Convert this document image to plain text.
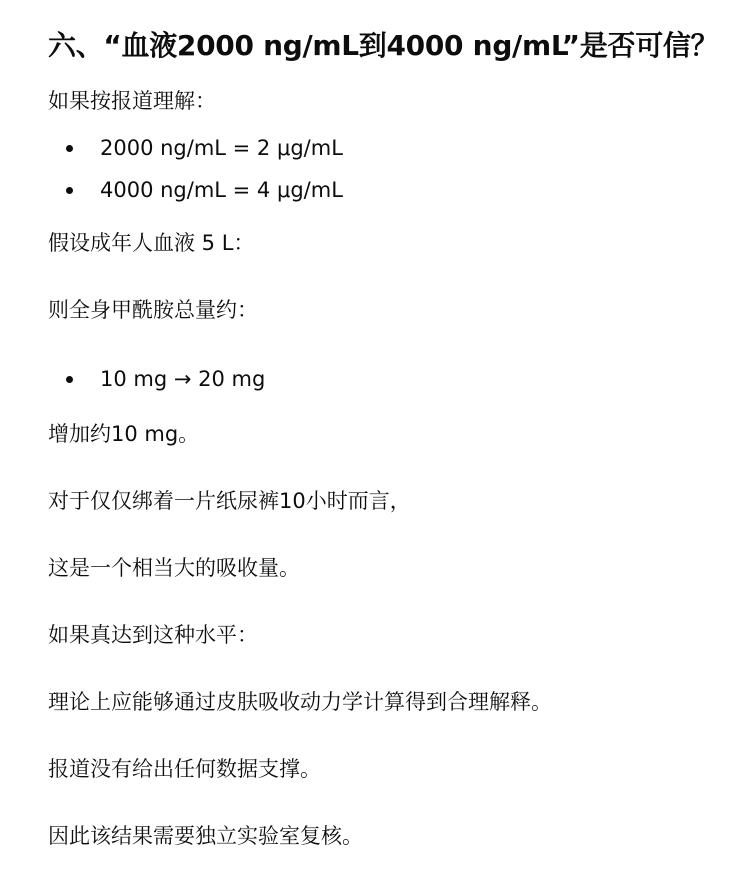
六、“血液2000 ng/mL到4000 ng/mL”是否可信？

如果按报道理解：

2000 ng/mL = 2 μg/mL
4000 ng/mL = 4 μg/mL

假设成年人血液 5 L：

则全身甲酰胺总量约：

10 mg → 20 mg

增加约10 mg。

对于仅仅绑着一片纸尿裤10小时而言，

这是一个相当大的吸收量。

如果真达到这种水平：

理论上应能够通过皮肤吸收动力学计算得到合理解释。

报道没有给出任何数据支撑。

因此该结果需要独立实验室复核。
